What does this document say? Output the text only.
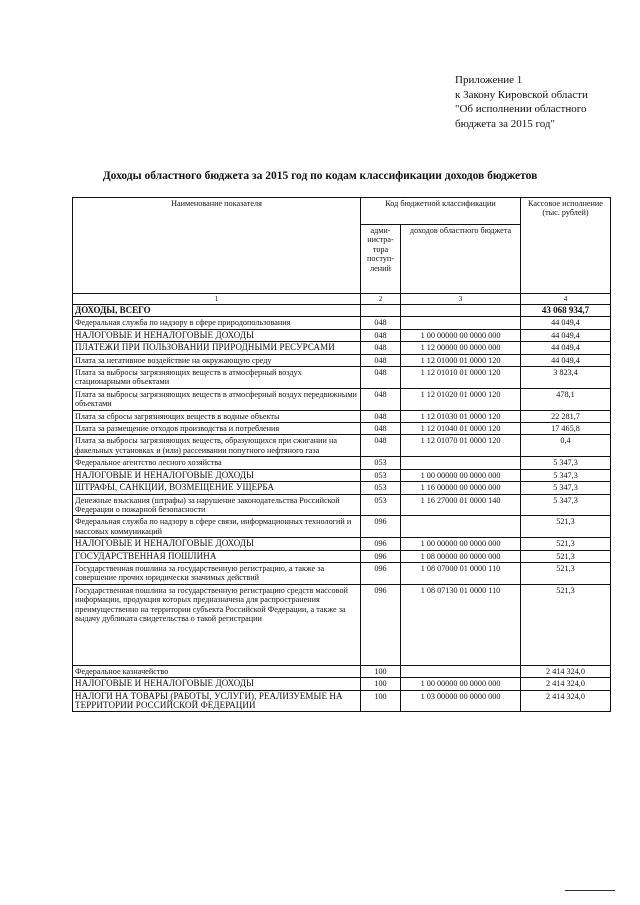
Приложение 1
к Закону Кировской области
"Об исполнении областного
бюджета за 2015 год"
Доходы областного бюджета за 2015 год по кодам классификации доходов бюджетов
Наименование показателя	Код бюджетной классификации		Кассовое исполнение (тыс. рублей)
	адми-нистра-тора поступ-лений	доходов областного бюджета	
1	2	3	4
ДОХОДЫ, ВСЕГО			43 068 934,7
Федеральная служба по надзору в сфере природопользования	048		44 049,4
НАЛОГОВЫЕ И НЕНАЛОГОВЫЕ ДОХОДЫ	048	1 00 00000 00 0000 000	44 049,4
ПЛАТЕЖИ ПРИ ПОЛЬЗОВАНИИ ПРИРОДНЫМИ РЕСУРСАМИ	048	1 12 00000 00 0000 000	44 049,4
Плата за негативное воздействие на окружающую среду	048	1 12 01000 01 0000 120	44 049,4
Плата за выбросы загрязняющих веществ в атмосферный воздух стационарными объектами	048	1 12 01010 01 0000 120	3 823,4
Плата за выбросы загрязняющих веществ в атмосферный воздух передвижными объектами	048	1 12 01020 01 0000 120	478,1
Плата за сбросы загрязняющих веществ в водные объекты	048	1 12 01030 01 0000 120	22 281,7
Плата за размещение отходов производства и потребления	048	1 12 01040 01 0000 120	17 465,8
Плата за выбросы загрязняющих веществ, образующихся при сжигании на факельных установках и (или) рассеивании попутного нефтяного газа	048	1 12 01070 01 0000 120	0,4
Федеральное агентство лесного хозяйства	053		5 347,3
НАЛОГОВЫЕ И НЕНАЛОГОВЫЕ ДОХОДЫ	053	1 00 00000 00 0000 000	5 347,3
ШТРАФЫ, САНКЦИИ, ВОЗМЕЩЕНИЕ УЩЕРБА	053	1 16 00000 00 0000 000	5 347,3
Денежные взыскания (штрафы) за нарушение законодательства Российской Федерации о пожарной безопасности	053	1 16 27000 01 0000 140	5 347,3
Федеральная служба по надзору в сфере связи, информационных технологий и массовых коммуникаций	096		521,3
НАЛОГОВЫЕ И НЕНАЛОГОВЫЕ ДОХОДЫ	096	1 00 00000 00 0000 000	521,3
ГОСУДАРСТВЕННАЯ ПОШЛИНА	096	1 08 00000 00 0000 000	521,3
Государственная пошлина за государственную регистрацию, а также за совершение прочих юридически значимых действий	096	1 08 07000 01 0000 110	521,3
Государственная пошлина за государственную регистрацию средств массовой информации, продукция которых предназначена для распространения преимущественно на территории субъекта Российской Федерации, а также за выдачу дубликата свидетельства о такой регистрации	096	1 08 07130 01 0000 110	521,3
Федеральное казначейство	100		2 414 324,0
НАЛОГОВЫЕ И НЕНАЛОГОВЫЕ ДОХОДЫ	100	1 00 00000 00 0000 000	2 414 324,0
НАЛОГИ НА ТОВАРЫ (РАБОТЫ, УСЛУГИ), РЕАЛИЗУЕМЫЕ НА ТЕРРИТОРИИ РОССИЙСКОЙ ФЕДЕРАЦИИ	100	1 03 00000 00 0000 000	2 414 324,0
